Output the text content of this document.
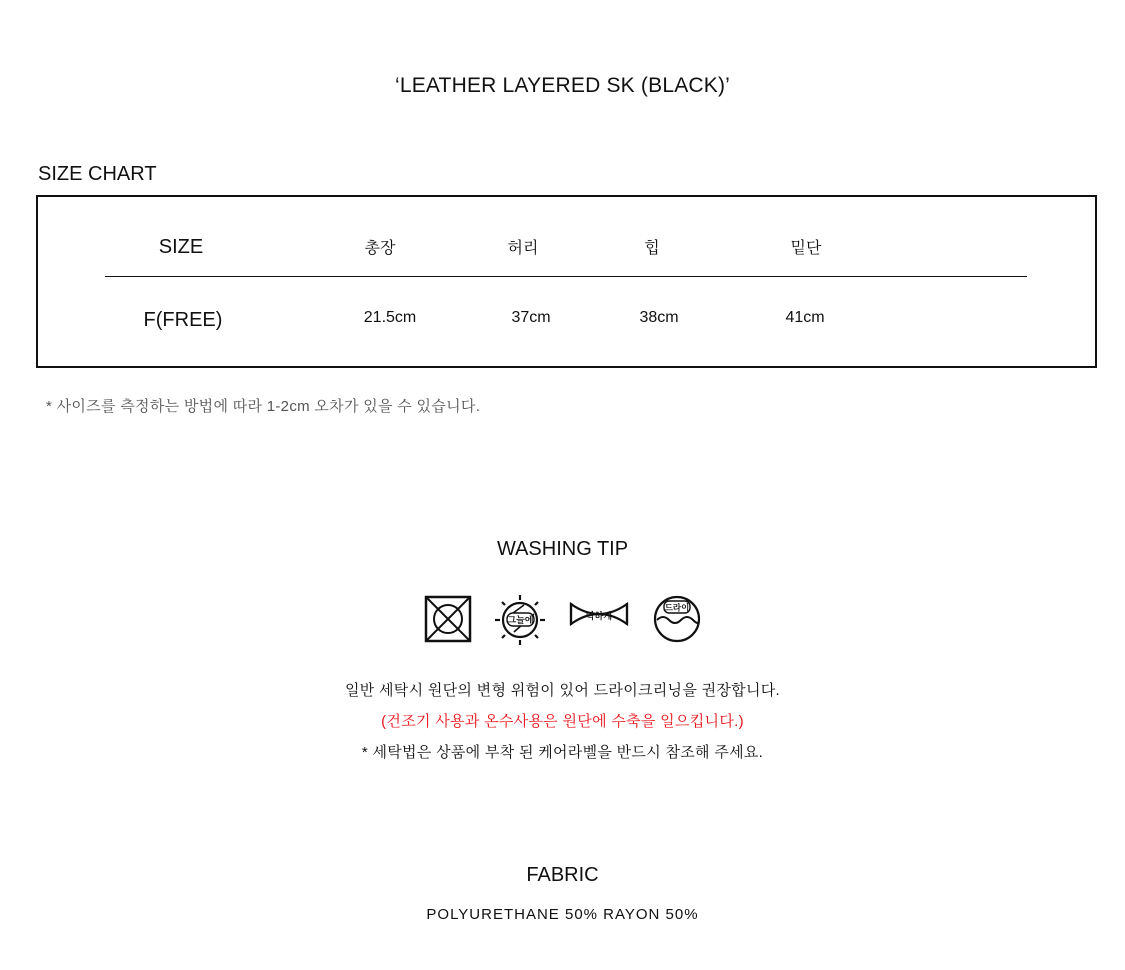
‘LEATHER LAYERED SK (BLACK)’
SIZE CHART
SIZE	총장	허리	힙	밑단
F(FREE)	21.5cm	37cm	38cm	41cm
* 사이즈를 측정하는 방법에 따라 1-2cm 오차가 있을 수 있습니다.
WASHING TIP
그늘에	약하게
드라이
일반 세탁시 원단의 변형 위험이 있어 드라이크리닝을 권장합니다.
(건조기 사용과 온수사용은 원단에 수축을 일으킵니다.)
* 세탁법은 상품에 부착 된 케어라벨을 반드시 참조해 주세요.
FABRIC
POLYURETHANE 50% RAYON 50%
